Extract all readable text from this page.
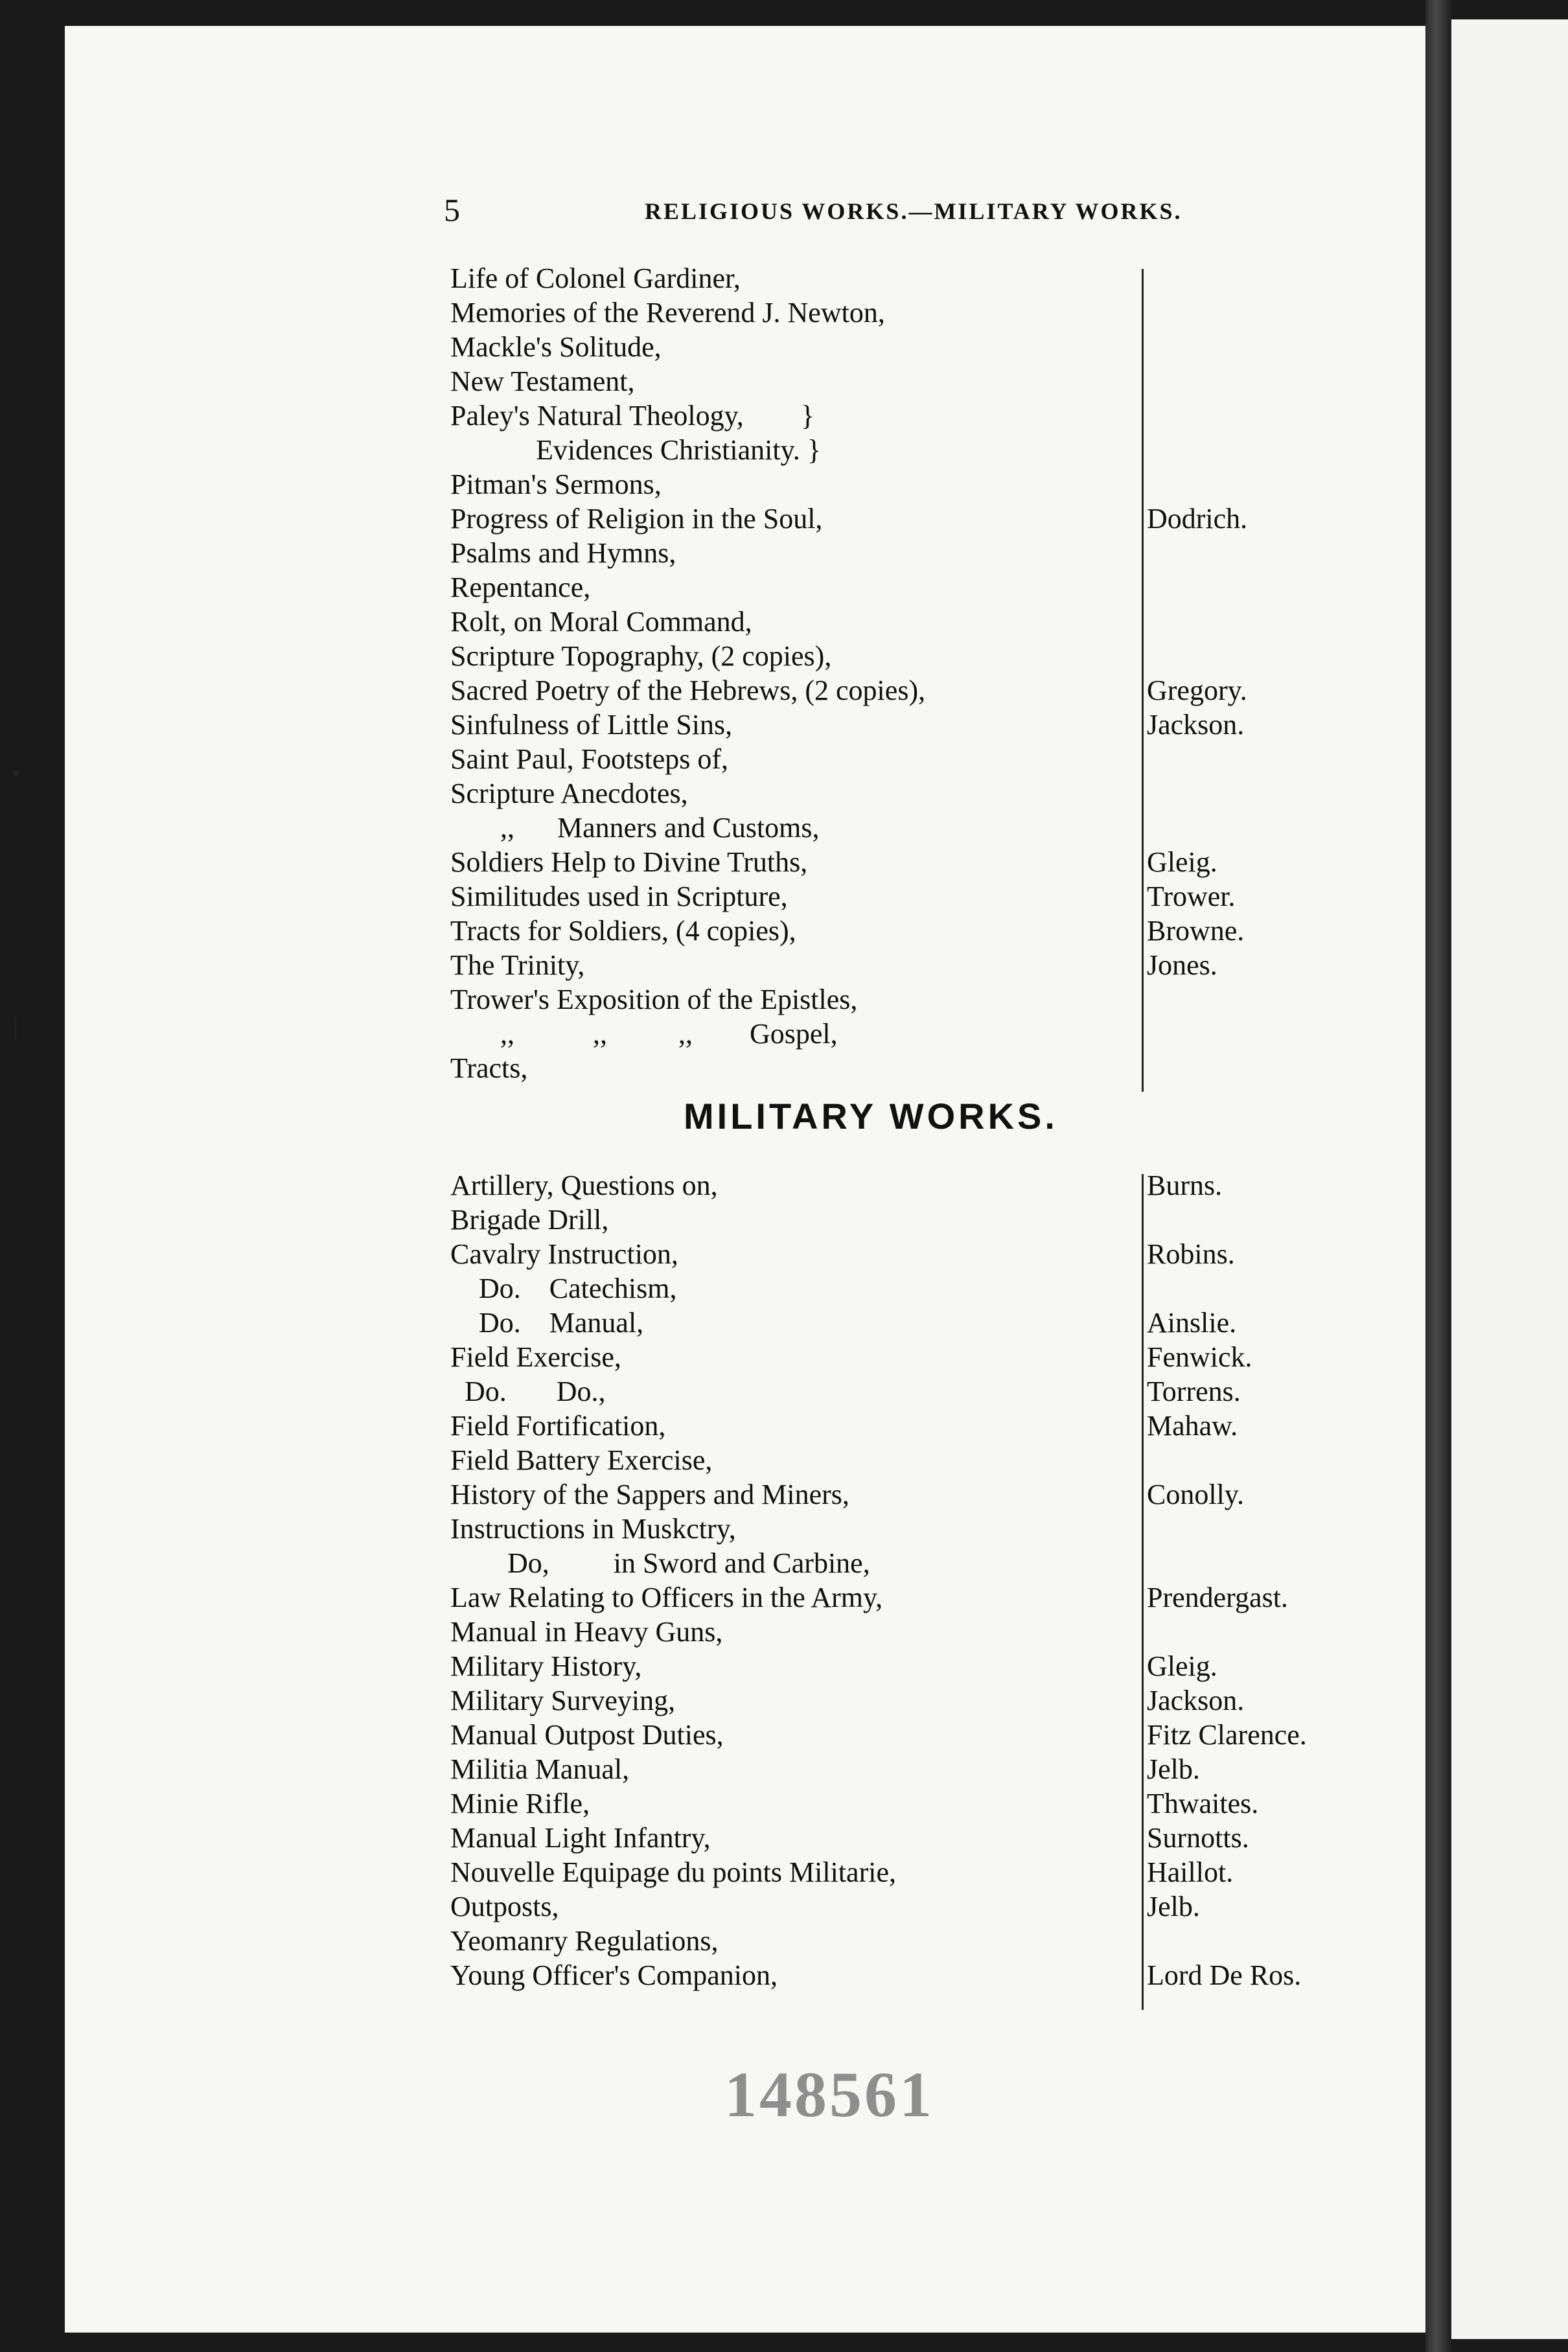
•
|
5	RELIGIOUS WORKS.—MILITARY WORKS.
Life of Colonel Gardiner,
Memories of the Reverend J. Newton,
Mackle's Solitude,
New Testament,
Paley's Natural Theology,        }
Evidences Christianity. }
Pitman's Sermons,
Progress of Religion in the Soul,	Dodrich.
Psalms and Hymns,
Repentance,
Rolt, on Moral Command,
Scripture Topography, (2 copies),
Sacred Poetry of the Hebrews, (2 copies),	Gregory.
Sinfulness of Little Sins,	Jackson.
Saint Paul, Footsteps of,
Scripture Anecdotes,
,,      Manners and Customs,
Soldiers Help to Divine Truths,	Gleig.
Similitudes used in Scripture,	Trower.
Tracts for Soldiers, (4 copies),	Browne.
The Trinity,	Jones.
Trower's Exposition of the Epistles,
,,           ,,          ,,        Gospel,
Tracts,
MILITARY WORKS.
Artillery, Questions on,	Burns.
Brigade Drill,
Cavalry Instruction,	Robins.
Do.    Catechism,
Do.    Manual,	Ainslie.
Field Exercise,	Fenwick.
Do.       Do.,	Torrens.
Field Fortification,	Mahaw.
Field Battery Exercise,
History of the Sappers and Miners,	Conolly.
Instructions in Muskctry,
Do,         in Sword and Carbine,
Law Relating to Officers in the Army,	Prendergast.
Manual in Heavy Guns,
Military History,	Gleig.
Military Surveying,	Jackson.
Manual Outpost Duties,	Fitz Clarence.
Militia Manual,	Jelb.
Minie Rifle,	Thwaites.
Manual Light Infantry,	Surnotts.
Nouvelle Equipage du points Militarie,	Haillot.
Outposts,	Jelb.
Yeomanry Regulations,
Young Officer's Companion,	Lord De Ros.
148561
